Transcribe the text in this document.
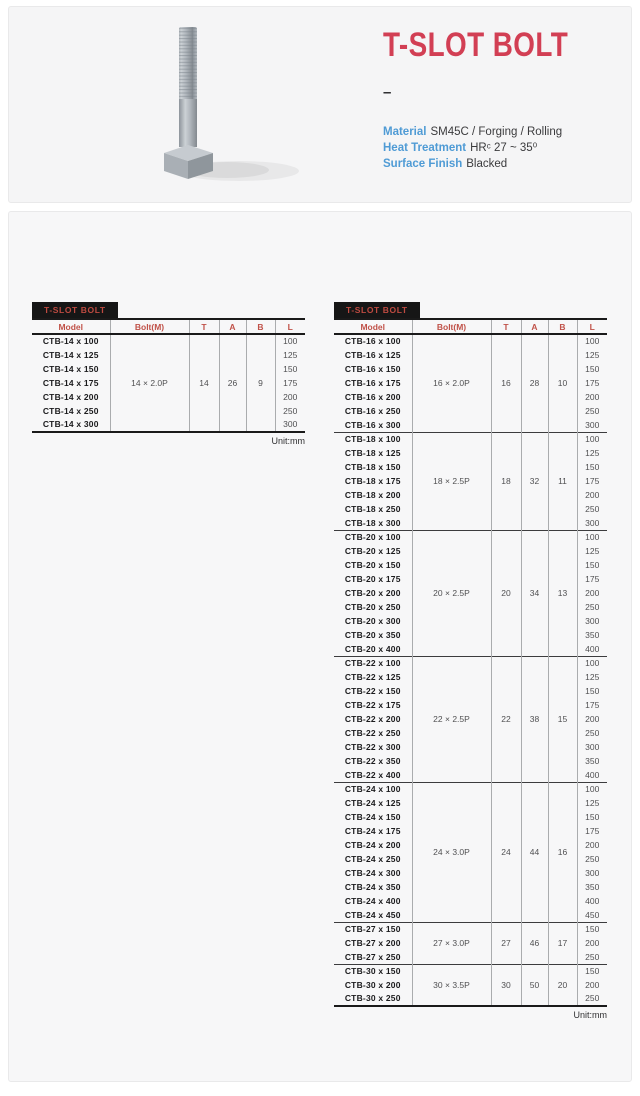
T-SLOT BOLT
–
Material SM45C / Forging / Rolling
Heat Treatment HRᶜ 27 ~ 35⁰
Surface Finish Blacked
T-SLOT BOLT
Model	Bolt(M)	T	A	B	L
CTB-14 x 100	14 × 2.0P	14	26	9	100
CTB-14 x 125					125
CTB-14 x 150					150
CTB-14 x 175					175
CTB-14 x 200					200
CTB-14 x 250					250
CTB-14 x 300					300
Unit:mm
T-SLOT BOLT
Model	Bolt(M)	T	A	B	L
CTB-16 x 100	16 × 2.0P	16	28	10	100
CTB-16 x 125					125
CTB-16 x 150					150
CTB-16 x 175					175
CTB-16 x 200					200
CTB-16 x 250					250
CTB-16 x 300					300
CTB-18 x 100	18 × 2.5P	18	32	11	100
CTB-18 x 125					125
CTB-18 x 150					150
CTB-18 x 175					175
CTB-18 x 200					200
CTB-18 x 250					250
CTB-18 x 300					300
CTB-20 x 100	20 × 2.5P	20	34	13	100
CTB-20 x 125					125
CTB-20 x 150					150
CTB-20 x 175					175
CTB-20 x 200					200
CTB-20 x 250					250
CTB-20 x 300					300
CTB-20 x 350					350
CTB-20 x 400					400
CTB-22 x 100	22 × 2.5P	22	38	15	100
CTB-22 x 125					125
CTB-22 x 150					150
CTB-22 x 175					175
CTB-22 x 200					200
CTB-22 x 250					250
CTB-22 x 300					300
CTB-22 x 350					350
CTB-22 x 400					400
CTB-24 x 100	24 × 3.0P	24	44	16	100
CTB-24 x 125					125
CTB-24 x 150					150
CTB-24 x 175					175
CTB-24 x 200					200
CTB-24 x 250					250
CTB-24 x 300					300
CTB-24 x 350					350
CTB-24 x 400					400
CTB-24 x 450					450
CTB-27 x 150	27 × 3.0P	27	46	17	150
CTB-27 x 200					200
CTB-27 x 250					250
CTB-30 x 150	30 × 3.5P	30	50	20	150
CTB-30 x 200					200
CTB-30 x 250					250
Unit:mm
